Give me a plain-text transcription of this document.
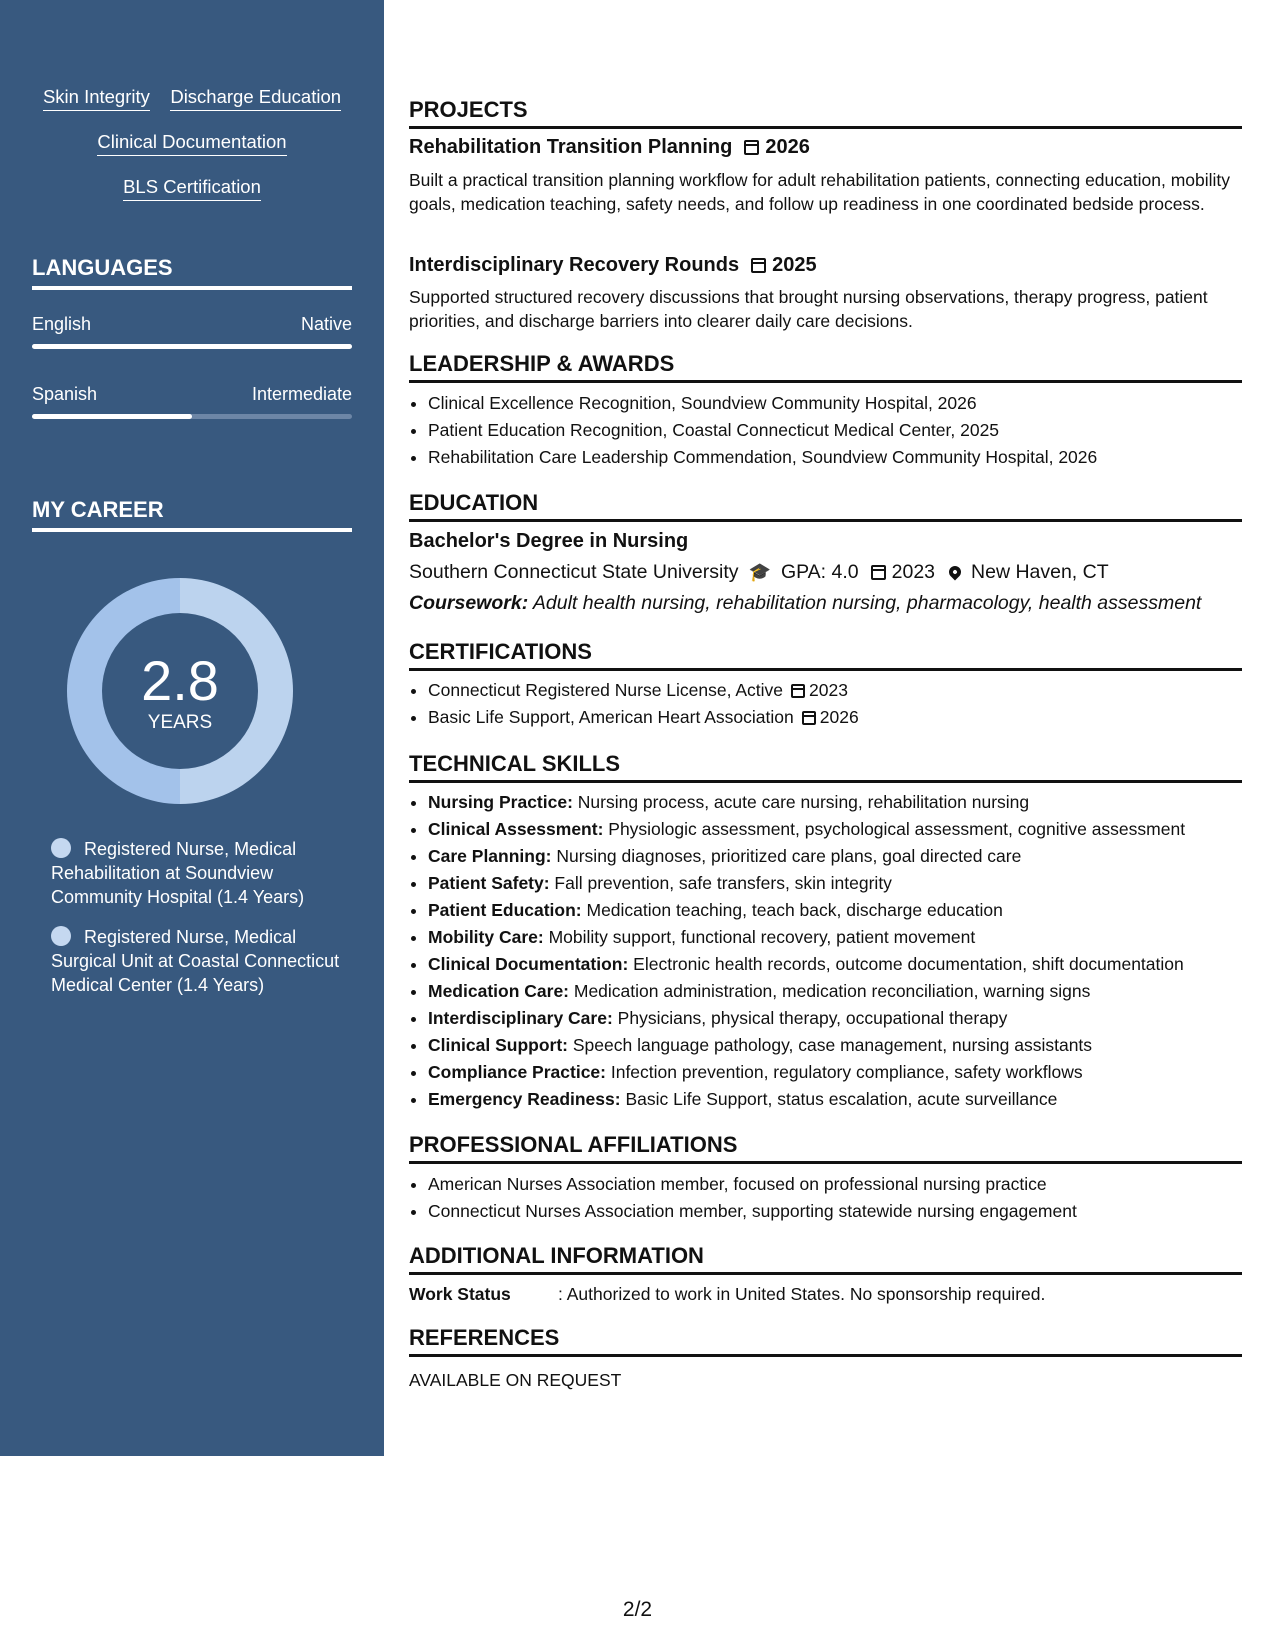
Skin Integrity Discharge Education
Clinical Documentation
BLS Certification
LANGUAGES
English	Native
Spanish	Intermediate
MY CAREER
2.8
YEARS
Registered Nurse, Medical Rehabilitation at Soundview Community Hospital (1.4 Years)
Registered Nurse, Medical Surgical Unit at Coastal Connecticut Medical Center (1.4 Years)
PROJECTS
Rehabilitation Transition Planning 2026
Built a practical transition planning workflow for adult rehabilitation patients, connecting education, mobility goals, medication teaching, safety needs, and follow up readiness in one coordinated bedside process.
Interdisciplinary Recovery Rounds 2025
Supported structured recovery discussions that brought nursing observations, therapy progress, patient priorities, and discharge barriers into clearer daily care decisions.
LEADERSHIP & AWARDS
• Clinical Excellence Recognition, Soundview Community Hospital, 2026
• Patient Education Recognition, Coastal Connecticut Medical Center, 2025
• Rehabilitation Care Leadership Commendation, Soundview Community Hospital, 2026
EDUCATION
Bachelor's Degree in Nursing
Southern Connecticut State University 🎓 GPA: 4.0 2023 New Haven, CT
Coursework: Adult health nursing, rehabilitation nursing, pharmacology, health assessment
CERTIFICATIONS
• Connecticut Registered Nurse License, Active 2023
• Basic Life Support, American Heart Association 2026
TECHNICAL SKILLS
• Nursing Practice: Nursing process, acute care nursing, rehabilitation nursing
• Clinical Assessment: Physiologic assessment, psychological assessment, cognitive assessment
• Care Planning: Nursing diagnoses, prioritized care plans, goal directed care
• Patient Safety: Fall prevention, safe transfers, skin integrity
• Patient Education: Medication teaching, teach back, discharge education
• Mobility Care: Mobility support, functional recovery, patient movement
• Clinical Documentation: Electronic health records, outcome documentation, shift documentation
• Medication Care: Medication administration, medication reconciliation, warning signs
• Interdisciplinary Care: Physicians, physical therapy, occupational therapy
• Clinical Support: Speech language pathology, case management, nursing assistants
• Compliance Practice: Infection prevention, regulatory compliance, safety workflows
• Emergency Readiness: Basic Life Support, status escalation, acute surveillance
PROFESSIONAL AFFILIATIONS
• American Nurses Association member, focused on professional nursing practice
• Connecticut Nurses Association member, supporting statewide nursing engagement
ADDITIONAL INFORMATION
Work Status	: Authorized to work in United States. No sponsorship required.
REFERENCES
AVAILABLE ON REQUEST
2/2
